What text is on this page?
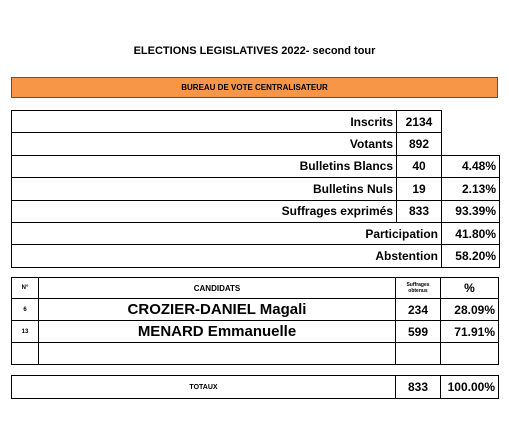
ELECTIONS LEGISLATIVES 2022- second tour
BUREAU DE VOTE CENTRALISATEUR
Inscrits	2134	
Votants	892	
Bulletins Blancs	40	4.48%
Bulletins Nuls	19	2.13%
Suffrages exprimés	833	93.39%
Participation		41.80%
Abstention		58.20%
N°	CANDIDATS	Suffrages obtenus	%
6	CROZIER-DANIEL Magali	234	28.09%
13	MENARD Emmanuelle	599	71.91%

TOTAUX	833	100.00%
